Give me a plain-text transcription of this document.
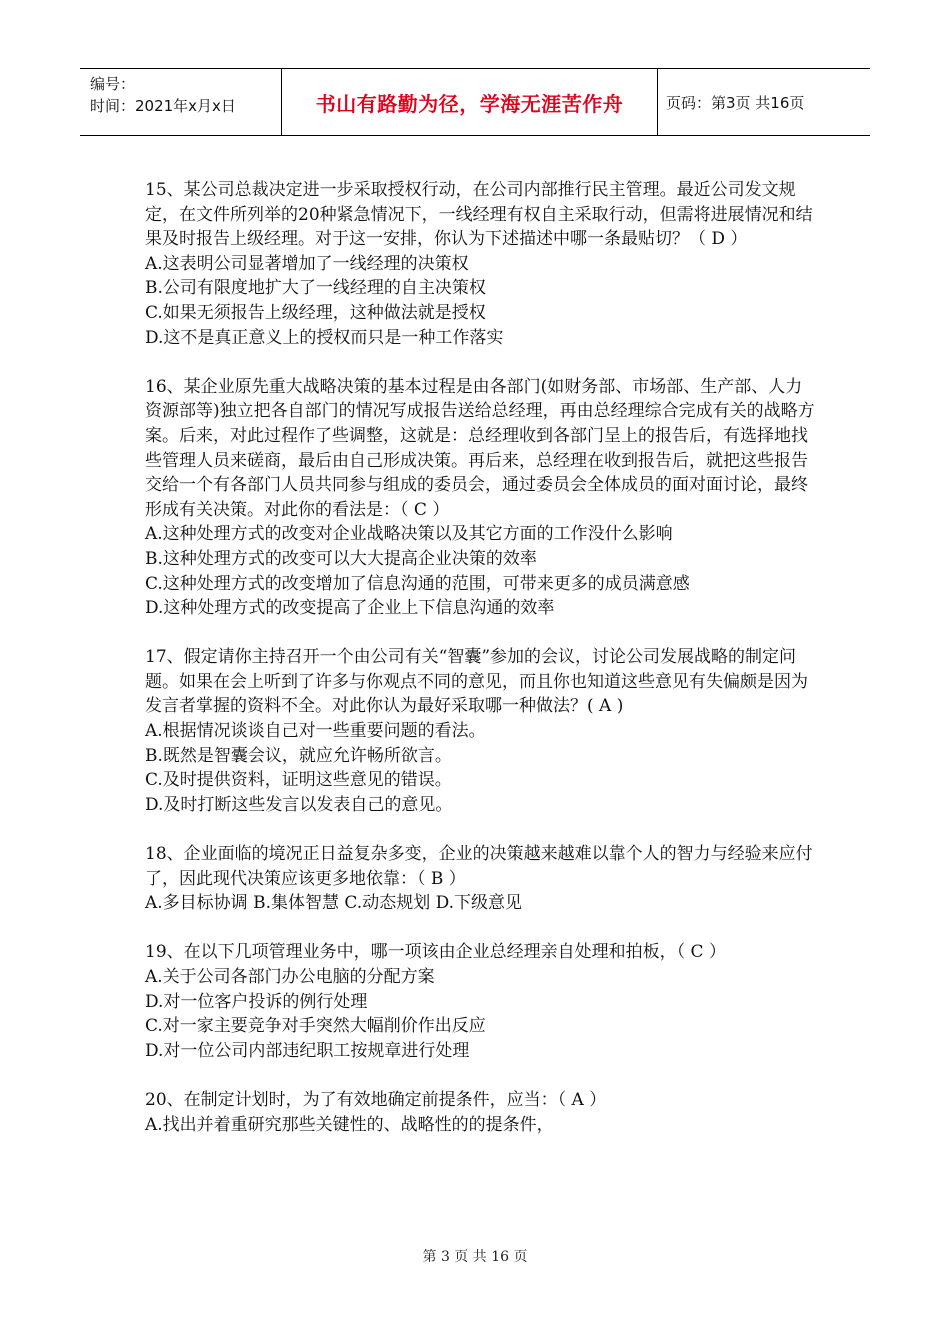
编号：
时间：2021年x月x日	书山有路勤为径，学海无涯苦作舟	页码：第3页 共16页

15、某公司总裁决定进一步采取授权行动，在公司内部推行民主管理。最近公司发文规定，在文件所列举的20种紧急情况下，一线经理有权自主采取行动，但需将进展情况和结果及时报告上级经理。对于这一安排，你认为下述描述中哪一条最贴切？（ D ）

A.这表明公司显著增加了一线经理的决策权

B.公司有限度地扩大了一线经理的自主决策权

C.如果无须报告上级经理，这种做法就是授权

D.这不是真正意义上的授权而只是一种工作落实

16、某企业原先重大战略决策的基本过程是由各部门(如财务部、市场部、生产部、人力资源部等)独立把各自部门的情况写成报告送给总经理，再由总经理综合完成有关的战略方案。后来，对此过程作了些调整，这就是：总经理收到各部门呈上的报告后，有选择地找些管理人员来磋商，最后由自己形成决策。再后来，总经理在收到报告后，就把这些报告交给一个有各部门人员共同参与组成的委员会，通过委员会全体成员的面对面讨论，最终形成有关决策。对此你的看法是：（ C ）

A.这种处理方式的改变对企业战略决策以及其它方面的工作没什么影响

B.这种处理方式的改变可以大大提高企业决策的效率

C.这种处理方式的改变增加了信息沟通的范围，可带来更多的成员满意感

D.这种处理方式的改变提高了企业上下信息沟通的效率

17、假定请你主持召开一个由公司有关“智囊”参加的会议，讨论公司发展战略的制定问题。如果在会上听到了许多与你观点不同的意见，而且你也知道这些意见有失偏颇是因为发言者掌握的资料不全。对此你认为最好采取哪一种做法？( A )

A.根据情况谈谈自己对一些重要问题的看法。

B.既然是智囊会议，就应允许畅所欲言。

C.及时提供资料，证明这些意见的错误。

D.及时打断这些发言以发表自己的意见。

18、企业面临的境况正日益复杂多变，企业的决策越来越难以靠个人的智力与经验来应付了，因此现代决策应该更多地依靠：（ B ）

A.多目标协调 B.集体智慧 C.动态规划 D.下级意见

19、在以下几项管理业务中，哪一项该由企业总经理亲自处理和拍板，（ C ）

A.关于公司各部门办公电脑的分配方案

D.对一位客户投诉的例行处理

C.对一家主要竞争对手突然大幅削价作出反应

D.对一位公司内部违纪职工按规章进行处理

20、在制定计划时，为了有效地确定前提条件，应当：（ A ）

A.找出并着重研究那些关键性的、战略性的的提条件，

第 3 页 共 16 页
